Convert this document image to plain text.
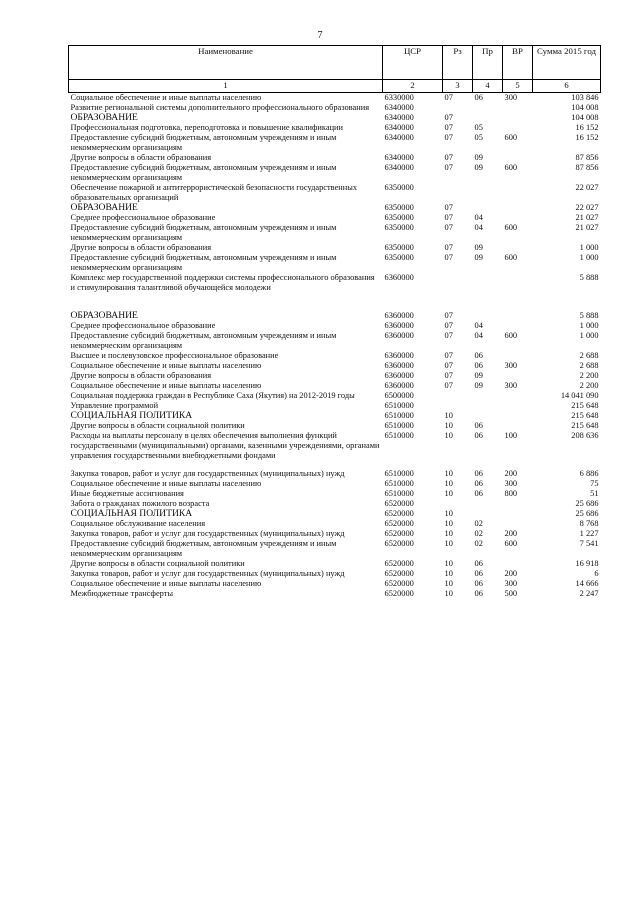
7
Наименование	ЦСР	Рз	Пр	ВР	Сумма 2015 год
1	2	3	4	5	6
Социальное обеспечение и иные выплаты населению	6330000	07	06	300	103 846
Развитие региональной системы дополнительного профессионального образования	6340000				104 008
ОБРАЗОВАНИЕ	6340000	07			104 008
Профессиональная подготовка, переподготовка и повышение квалификации	6340000	07	05		16 152
Предоставление субсидий бюджетным, автономным учреждениям и иным некоммерческим организациям	6340000	07	05	600	16 152
Другие вопросы в области образования	6340000	07	09		87 856
Предоставление субсидий бюджетным, автономным учреждениям и иным некоммерческим организациям	6340000	07	09	600	87 856
Обеспечение пожарной и антитеррористической безопасности государственных образовательных организаций	6350000				22 027
ОБРАЗОВАНИЕ	6350000	07			22 027
Среднее профессиональное образование	6350000	07	04		21 027
Предоставление субсидий бюджетным, автономным учреждениям и иным некоммерческим организациям	6350000	07	04	600	21 027
Другие вопросы в области образования	6350000	07	09		1 000
Предоставление субсидий бюджетным, автономным учреждениям и иным некоммерческим организациям	6350000	07	09	600	1 000
Комплекс мер государственной поддержки системы профессионального образования и стимулирования талантливой обучающейся молодежи	6360000				5 888
ОБРАЗОВАНИЕ	6360000	07			5 888
Среднее профессиональное образование	6360000	07	04		1 000
Предоставление субсидий бюджетным, автономным учреждениям и иным некоммерческим организациям	6360000	07	04	600	1 000
Высшее и послевузовское профессиональное образование	6360000	07	06		2 688
Социальное обеспечение и иные выплаты населению	6360000	07	06	300	2 688
Другие вопросы в области образования	6360000	07	09		2 200
Социальное обеспечение и иные выплаты населению	6360000	07	09	300	2 200
Социальная поддержка граждан в Республике Саха (Якутия) на 2012-2019 годы	6500000				14 041 090
Управление программой	6510000				215 648
СОЦИАЛЬНАЯ ПОЛИТИКА	6510000	10			215 648
Другие вопросы в области социальной политики	6510000	10	06		215 648
Расходы на выплаты персоналу в целях обеспечения выполнения функций государственными (муниципальными) органами, казенными учреждениями, органами управления государственными внебюджетными фондами	6510000	10	06	100	208 636
Закупка товаров, работ и услуг для государственных (муниципальных) нужд	6510000	10	06	200	6 886
Социальное обеспечение и иные выплаты населению	6510000	10	06	300	75
Иные бюджетные ассигнования	6510000	10	06	800	51
Забота о гражданах пожилого возраста	6520000				25 686
СОЦИАЛЬНАЯ ПОЛИТИКА	6520000	10			25 686
Социальное обслуживание населения	6520000	10	02		8 768
Закупка товаров, работ и услуг для государственных (муниципальных) нужд	6520000	10	02	200	1 227
Предоставление субсидий бюджетным, автономным учреждениям и иным некоммерческим организациям	6520000	10	02	600	7 541
Другие вопросы в области социальной политики	6520000	10	06		16 918
Закупка товаров, работ и услуг для государственных (муниципальных) нужд	6520000	10	06	200	6
Социальное обеспечение и иные выплаты населению	6520000	10	06	300	14 666
Межбюджетные трансферты	6520000	10	06	500	2 247
